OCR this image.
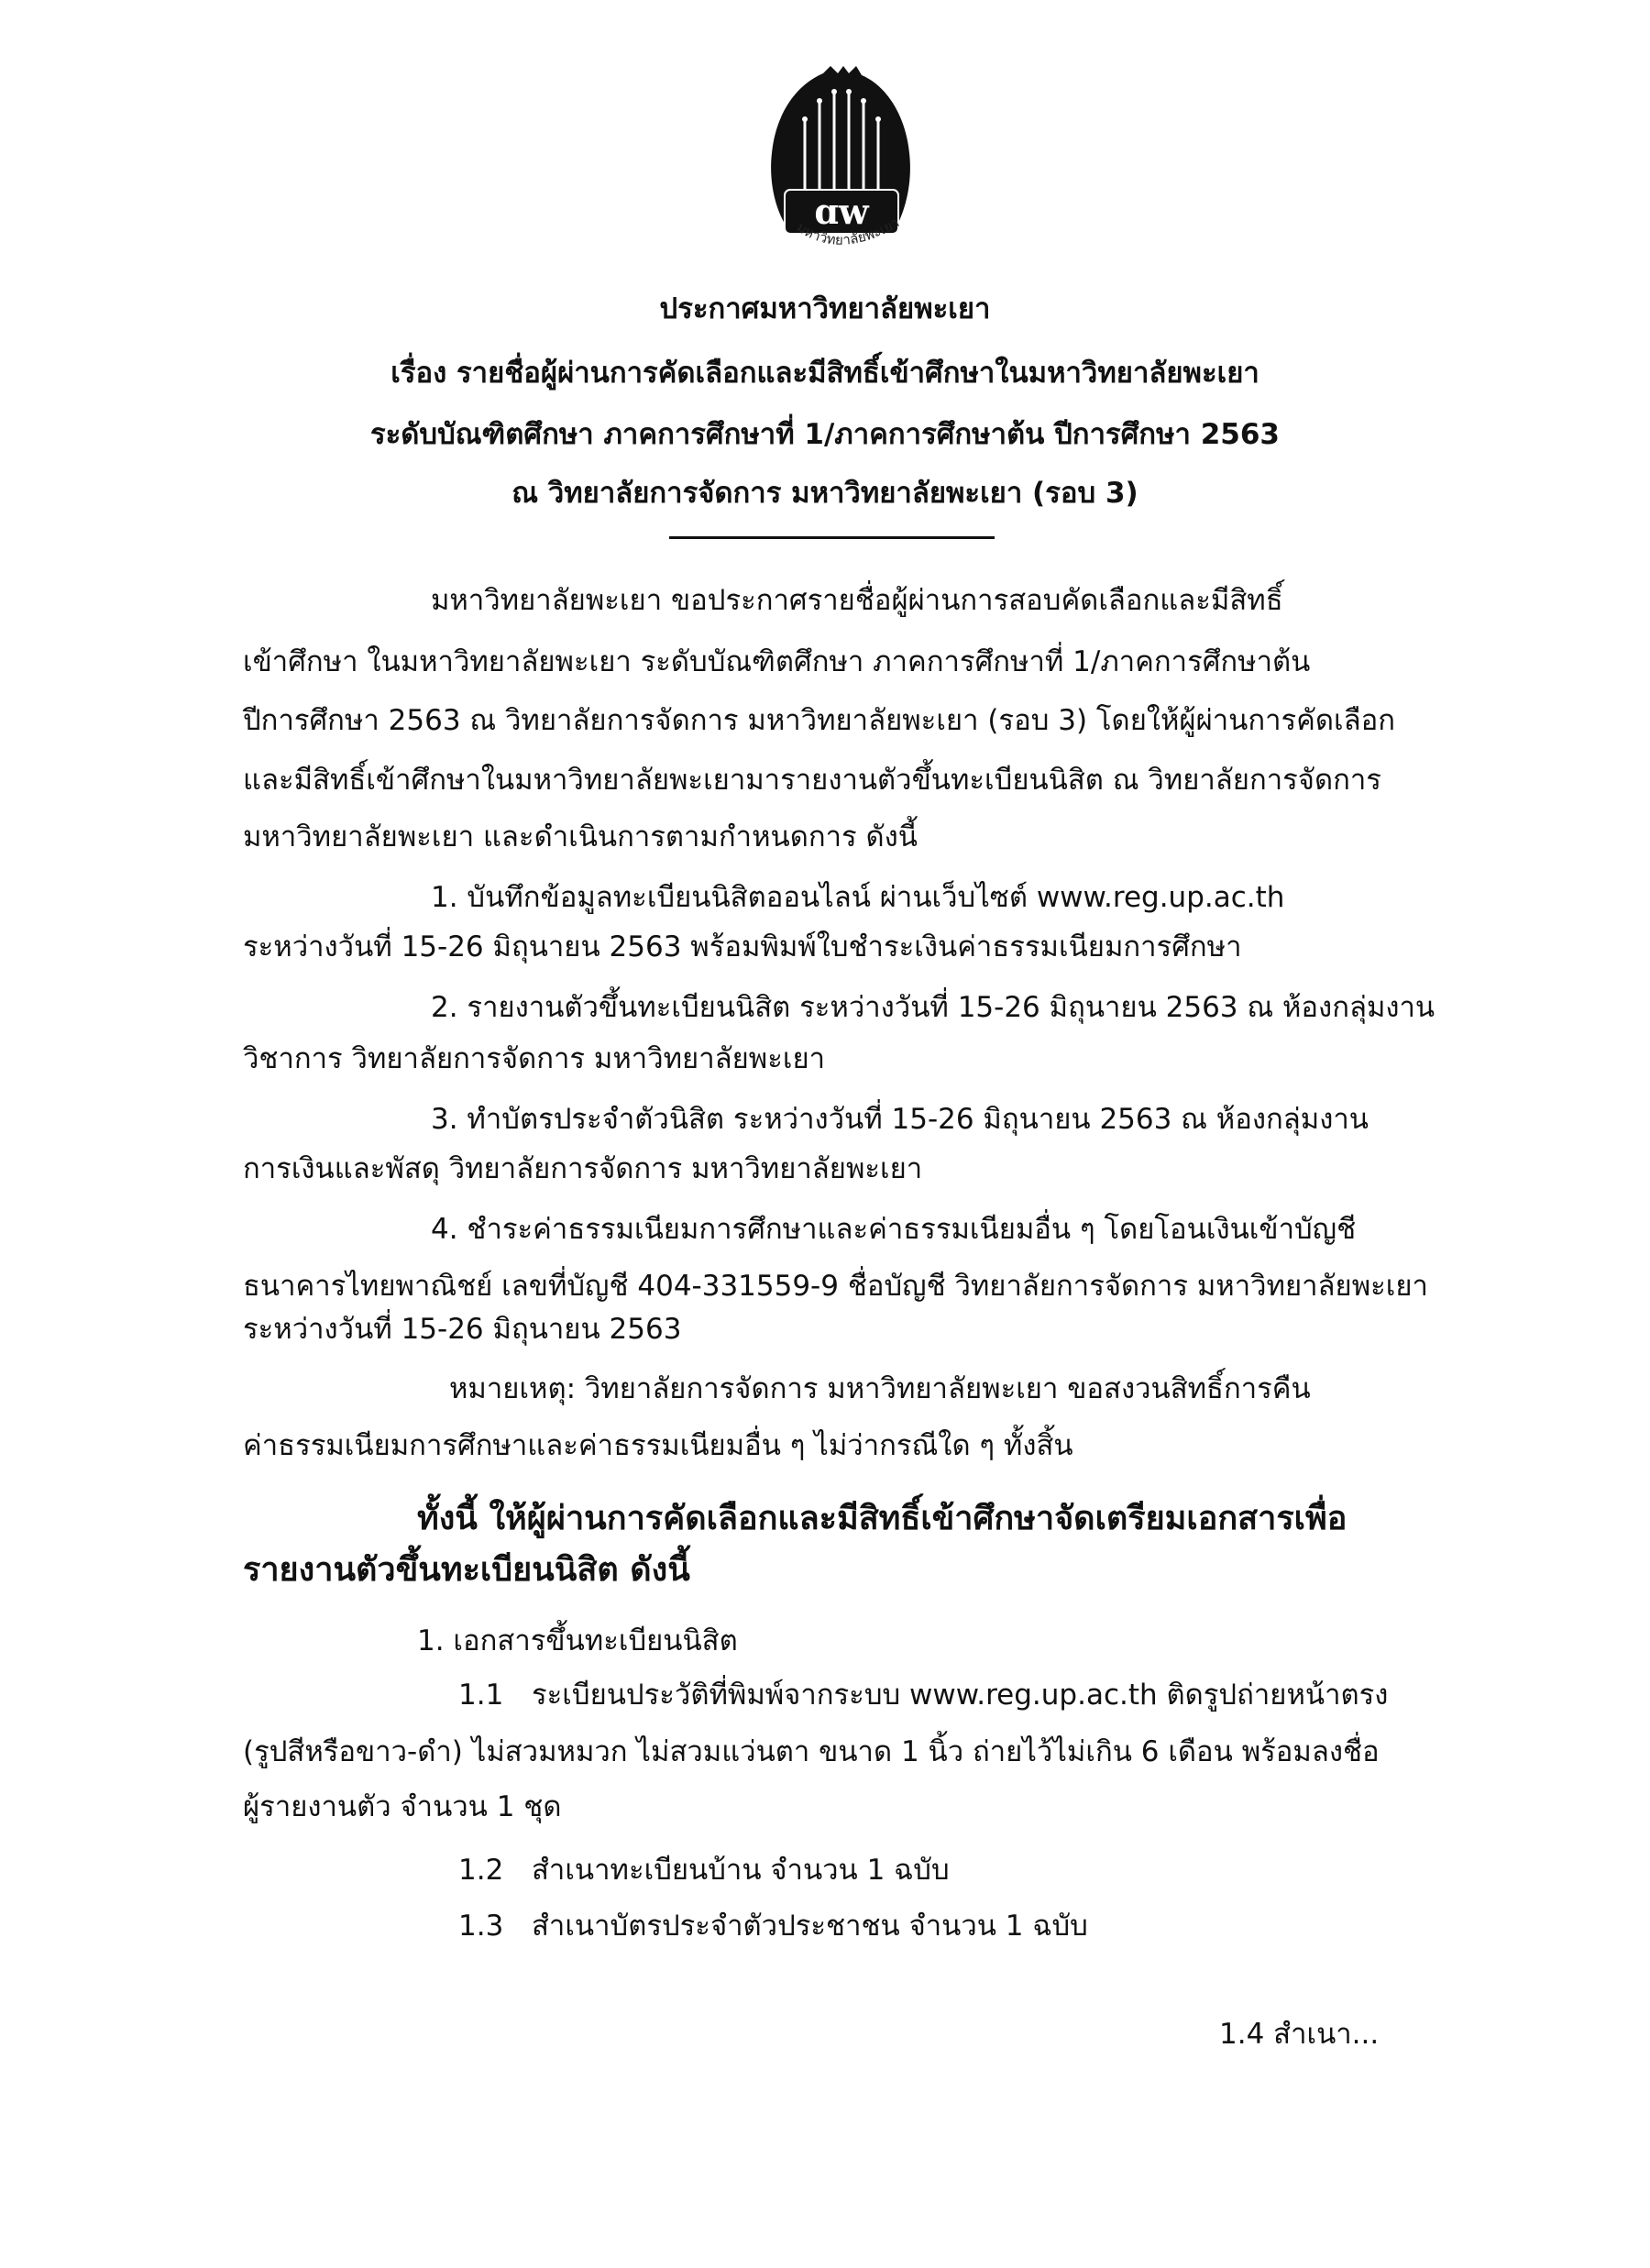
ɑw
มหาวิทยาลัยพะเยา
ประกาศมหาวิทยาลัยพะเยา
เรื่อง รายชื่อผู้ผ่านการคัดเลือกและมีสิทธิ์เข้าศึกษาในมหาวิทยาลัยพะเยา
ระดับบัณฑิตศึกษา ภาคการศึกษาที่ 1/ภาคการศึกษาต้น ปีการศึกษา 2563
ณ วิทยาลัยการจัดการ มหาวิทยาลัยพะเยา (รอบ 3)
มหาวิทยาลัยพะเยา ขอประกาศรายชื่อผู้ผ่านการสอบคัดเลือกและมีสิทธิ์
เข้าศึกษา ในมหาวิทยาลัยพะเยา ระดับบัณฑิตศึกษา ภาคการศึกษาที่ 1/ภาคการศึกษาต้น
ปีการศึกษา 2563 ณ วิทยาลัยการจัดการ มหาวิทยาลัยพะเยา (รอบ 3) โดยให้ผู้ผ่านการคัดเลือก
และมีสิทธิ์เข้าศึกษาในมหาวิทยาลัยพะเยามารายงานตัวขึ้นทะเบียนนิสิต ณ วิทยาลัยการจัดการ
มหาวิทยาลัยพะเยา และดำเนินการตามกำหนดการ ดังนี้
1. บันทึกข้อมูลทะเบียนนิสิตออนไลน์ ผ่านเว็บไซต์ www.reg.up.ac.th
ระหว่างวันที่ 15-26 มิถุนายน 2563 พร้อมพิมพ์ใบชำระเงินค่าธรรมเนียมการศึกษา
2. รายงานตัวขึ้นทะเบียนนิสิต ระหว่างวันที่ 15-26 มิถุนายน 2563 ณ ห้องกลุ่มงาน
วิชาการ วิทยาลัยการจัดการ มหาวิทยาลัยพะเยา
3. ทำบัตรประจำตัวนิสิต ระหว่างวันที่ 15-26 มิถุนายน 2563 ณ ห้องกลุ่มงาน
การเงินและพัสดุ วิทยาลัยการจัดการ มหาวิทยาลัยพะเยา
4. ชำระค่าธรรมเนียมการศึกษาและค่าธรรมเนียมอื่น ๆ โดยโอนเงินเข้าบัญชี
ธนาคารไทยพาณิชย์ เลขที่บัญชี 404-331559-9 ชื่อบัญชี วิทยาลัยการจัดการ มหาวิทยาลัยพะเยา
ระหว่างวันที่ 15-26 มิถุนายน 2563
หมายเหตุ: วิทยาลัยการจัดการ มหาวิทยาลัยพะเยา ขอสงวนสิทธิ์การคืน
ค่าธรรมเนียมการศึกษาและค่าธรรมเนียมอื่น ๆ ไม่ว่ากรณีใด ๆ ทั้งสิ้น
ทั้งนี้ ให้ผู้ผ่านการคัดเลือกและมีสิทธิ์เข้าศึกษาจัดเตรียมเอกสารเพื่อ
รายงานตัวขึ้นทะเบียนนิสิต ดังนี้
1. เอกสารขึ้นทะเบียนนิสิต
1.1 ระเบียนประวัติที่พิมพ์จากระบบ www.reg.up.ac.th ติดรูปถ่ายหน้าตรง
(รูปสีหรือขาว-ดำ) ไม่สวมหมวก ไม่สวมแว่นตา ขนาด 1 นิ้ว ถ่ายไว้ไม่เกิน 6 เดือน พร้อมลงชื่อ
ผู้รายงานตัว จำนวน 1 ชุด
1.2 สำเนาทะเบียนบ้าน จำนวน 1 ฉบับ
1.3 สำเนาบัตรประจำตัวประชาชน จำนวน 1 ฉบับ
1.4 สำเนา...
